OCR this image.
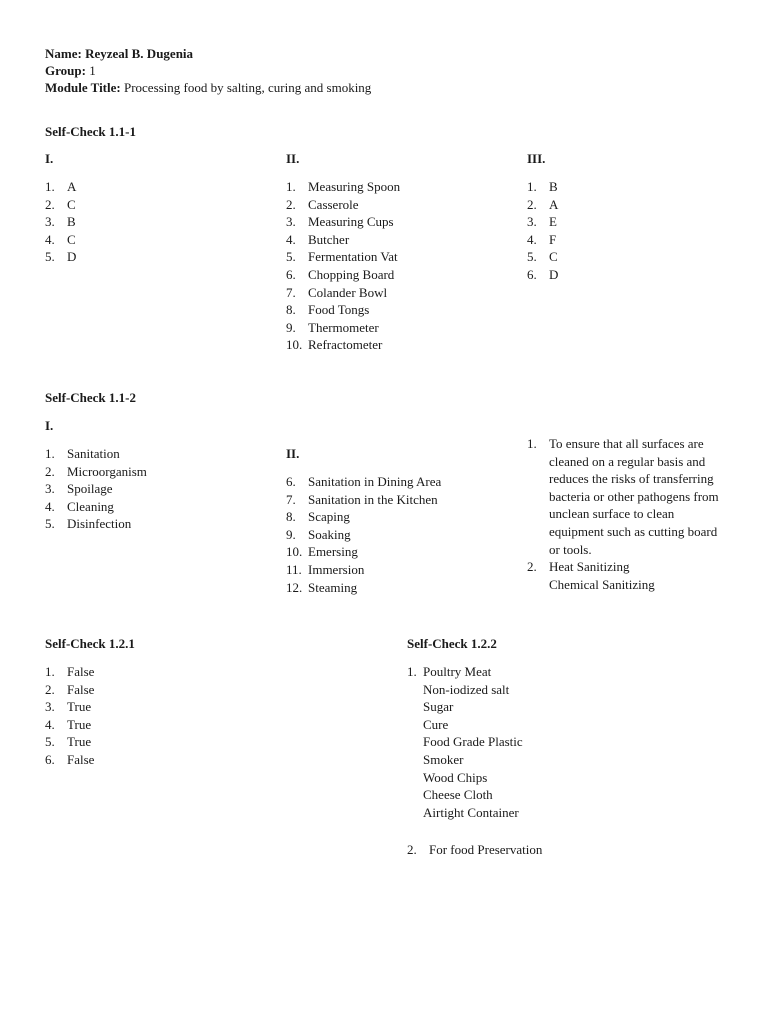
Name: Reyzeal B. Dugenia
Group: 1
Module Title: Processing food by salting, curing and smoking
Self-Check 1.1-1
I.
1. A
2. C
3. B
4. C
5. D
II.
1. Measuring Spoon
2. Casserole
3. Measuring Cups
4. Butcher
5. Fermentation Vat
6. Chopping Board
7. Colander Bowl
8. Food Tongs
9. Thermometer
10. Refractometer
III.
1. B
2. A
3. E
4. F
5. C
6. D
Self-Check 1.1-2
I.
1. Sanitation
2. Microorganism
3. Spoilage
4. Cleaning
5. Disinfection
II.
6. Sanitation in Dining Area
7. Sanitation in the Kitchen
8. Scaping
9. Soaking
10. Emersing
11. Immersion
12. Steaming
1. To ensure that all surfaces are cleaned on a regular basis and reduces the risks of transferring bacteria or other pathogens from unclean surface to clean equipment such as cutting board or tools.
2. Heat Sanitizing
Chemical Sanitizing
Self-Check 1.2.1
1. False
2. False
3. True
4. True
5. True
6. False
Self-Check 1.2.2
1. Poultry Meat
Non-iodized salt
Sugar
Cure
Food Grade Plastic
Smoker
Wood Chips
Cheese Cloth
Airtight Container
2. For food Preservation
